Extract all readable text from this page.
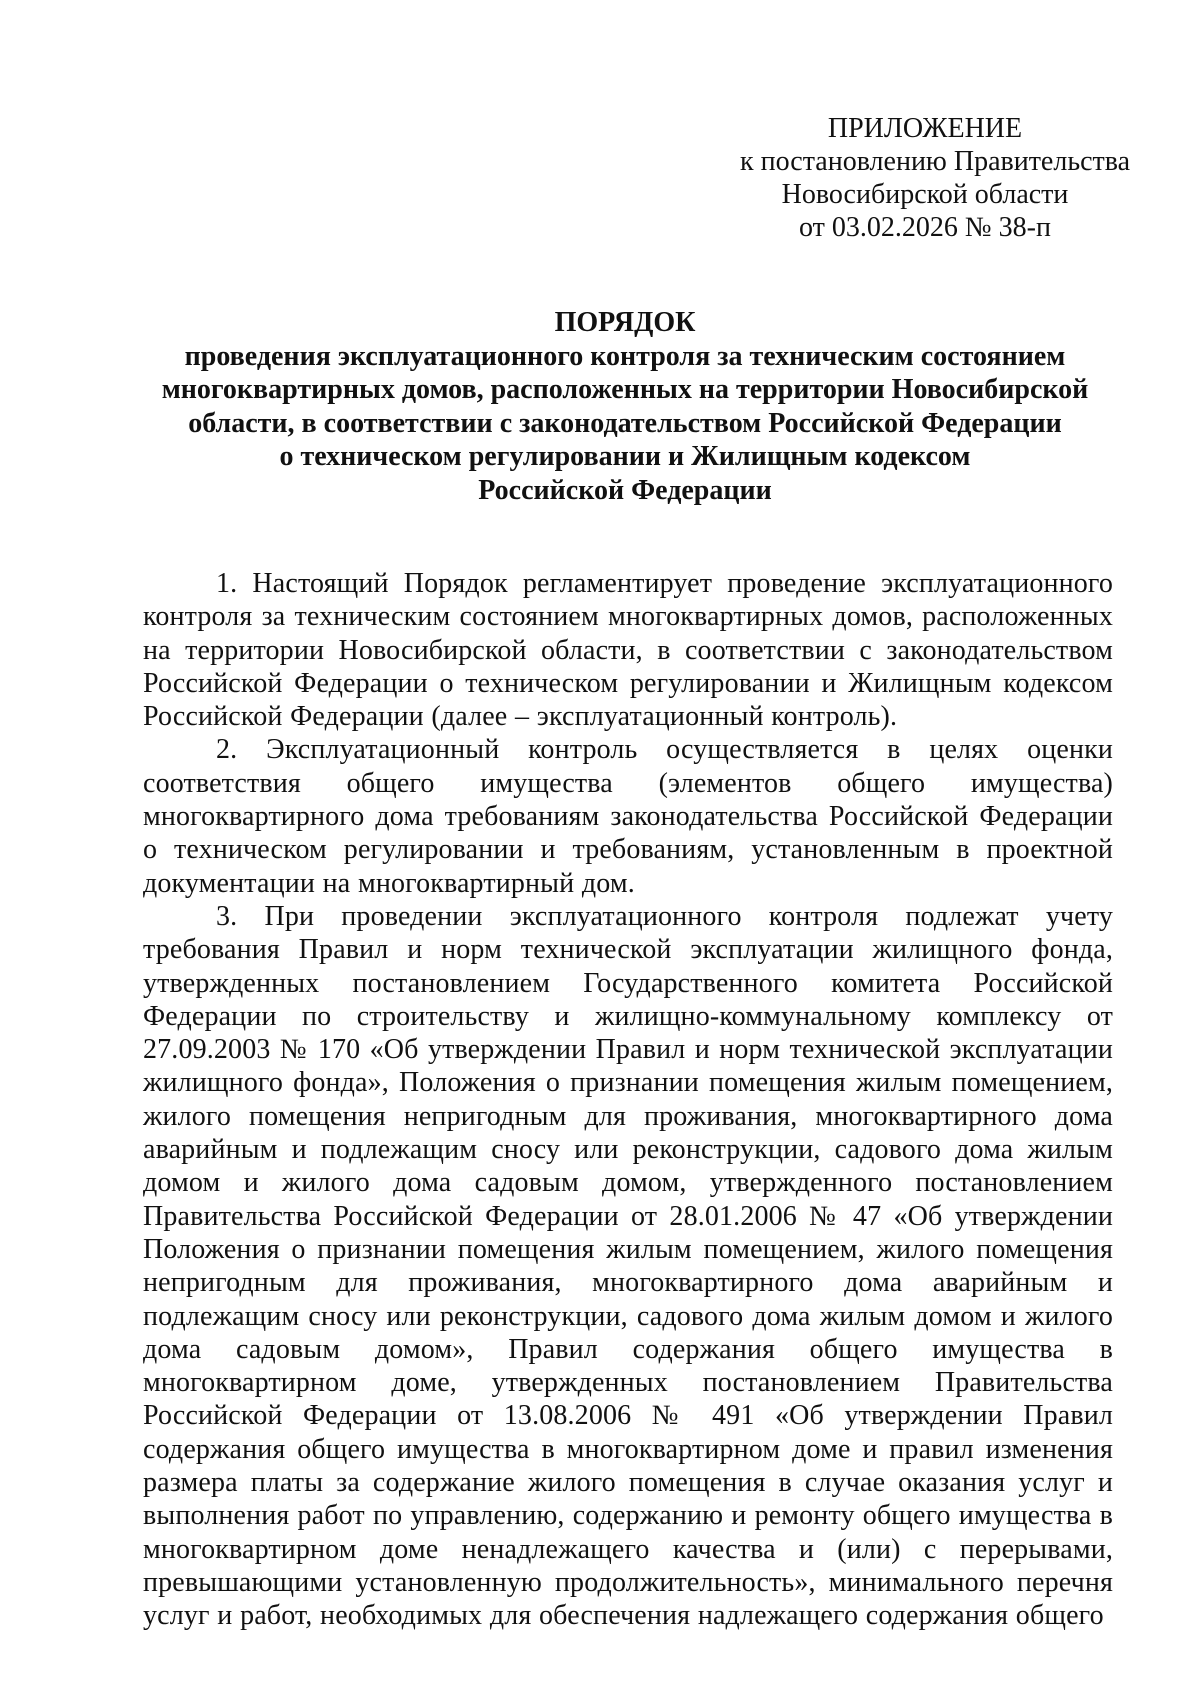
ПРИЛОЖЕНИЕ
к постановлению Правительства
Новосибирской области
от 03.02.2026 № 38-п
ПОРЯДОК
проведения эксплуатационного контроля за техническим состоянием
многоквартирных домов, расположенных на территории Новосибирской
области, в соответствии с законодательством Российской Федерации
о техническом регулировании и Жилищным кодексом
Российской Федерации

1. Настоящий Порядок регламентирует проведение эксплуатационного контроля за техническим состоянием многоквартирных домов, расположенных на территории Новосибирской области, в соответствии с законодательством Российской Федерации о техническом регулировании и Жилищным кодексом Российской Федерации (далее – эксплуатационный контроль).

2. Эксплуатационный контроль осуществляется в целях оценки соответствия общего имущества (элементов общего имущества) многоквартирного дома требованиям законодательства Российской Федерации о техническом регулировании и требованиям, установленным в проектной документации на многоквартирный дом.

3. При проведении эксплуатационного контроля подлежат учету требования Правил и норм технической эксплуатации жилищного фонда, утвержденных постановлением Государственного комитета Российской Федерации по строительству и жилищно-коммунальному комплексу от 27.09.2003 № 170 «Об утверждении Правил и норм технической эксплуатации жилищного фонда», Положения о признании помещения жилым помещением, жилого помещения непригодным для проживания, многоквартирного дома аварийным и подлежащим сносу или реконструкции, садового дома жилым домом и жилого дома садовым домом, утвержденного постановлением Правительства Российской Федерации от 28.01.2006 № 47 «Об утверждении Положения о признании помещения жилым помещением, жилого помещения непригодным для проживания, многоквартирного дома аварийным и подлежащим сносу или реконструкции, садового дома жилым домом и жилого дома садовым домом», Правил содержания общего имущества в многоквартирном доме, утвержденных постановлением Правительства Российской Федерации от 13.08.2006 № 491 «Об утверждении Правил содержания общего имущества в многоквартирном доме и правил изменения размера платы за содержание жилого помещения в случае оказания услуг и выполнения работ по управлению, содержанию и ремонту общего имущества в многоквартирном доме ненадлежащего качества и (или) с перерывами, превышающими установленную продолжительность», минимального перечня услуг и работ, необходимых для обеспечения надлежащего содержания общего
